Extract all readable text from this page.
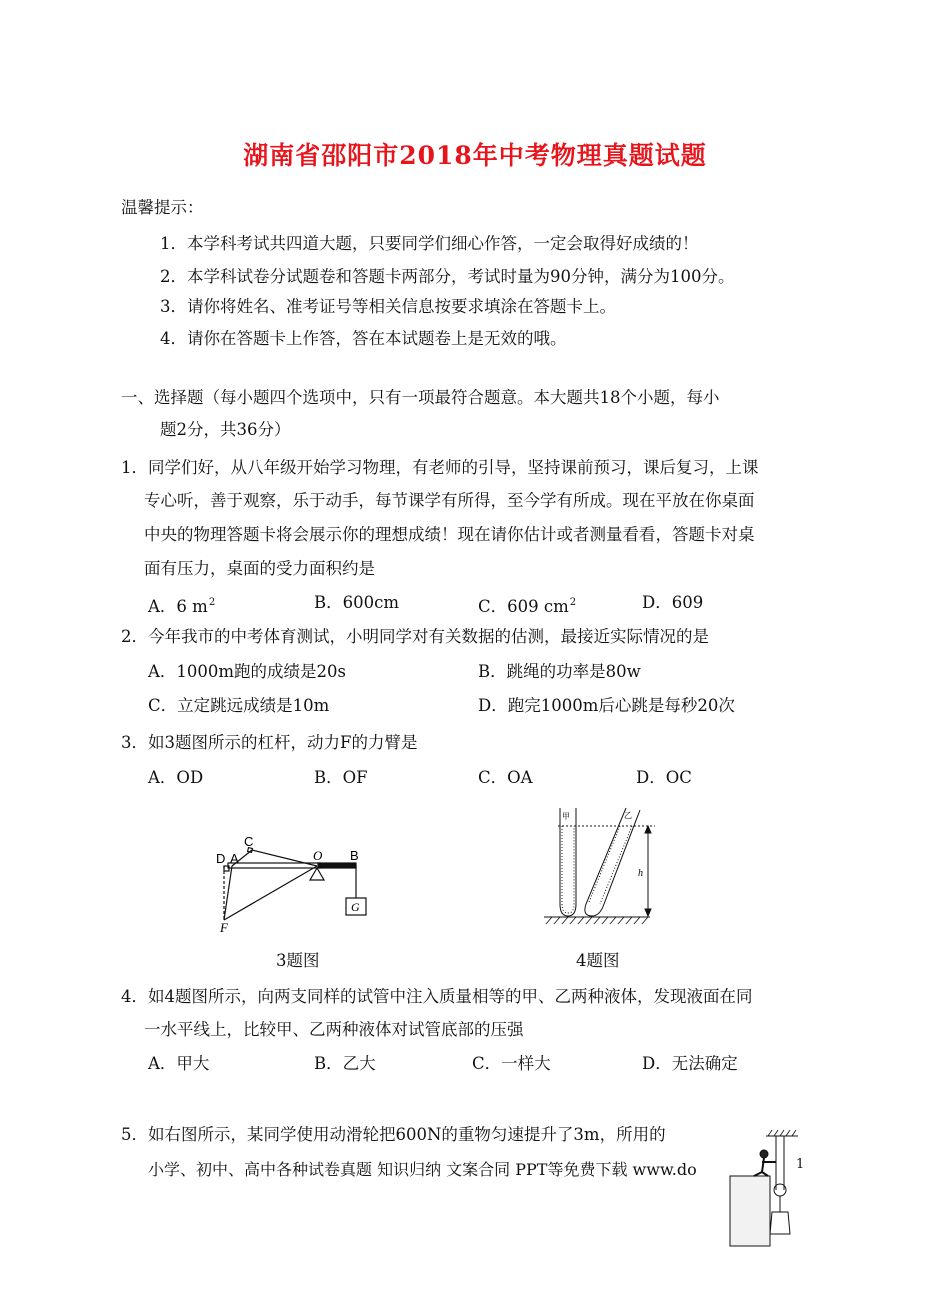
湖南省邵阳市2018年中考物理真题试题
温馨提示：
1．本学科考试共四道大题，只要同学们细心作答，一定会取得好成绩的！
2．本学科试卷分试题卷和答题卡两部分，考试时量为90分钟，满分为100分。
3．请你将姓名、准考证号等相关信息按要求填涂在答题卡上。
4．请你在答题卡上作答，答在本试题卷上是无效的哦。
一、选择题（每小题四个选项中，只有一项最符合题意。本大题共18个小题，每小
题2分，共36分）
1．同学们好，从八年级开始学习物理，有老师的引导，坚持课前预习，课后复习，上课
专心听，善于观察，乐于动手，每节课学有所得，至今学有所成。现在平放在你桌面
中央的物理答题卡将会展示你的理想成绩！现在请你估计或者测量看看，答题卡对桌
面有压力，桌面的受力面积约是
A．6 $m^2$	B．600cm	C．609 $cm^2$	D．609
2．今年我市的中考体育测试，小明同学对有关数据的估测，最接近实际情况的是
A．1000m跑的成绩是20s	B．跳绳的功率是80w
C．立定跳远成绩是10m	D．跑完1000m后心跳是每秒20次
3．如3题图所示的杠杆，动力F的力臂是
A．OD	B．OF	C．OA	D．OC
C
D A	O B
F
G
甲	乙
h
3题图	4题图
4．如4题图所示，向两支同样的试管中注入质量相等的甲、乙两种液体，发现液面在同
一水平线上，比较甲、乙两种液体对试管底部的压强
A．甲大	B．乙大	C．一样大	D．无法确定
5．如右图所示，某同学使用动滑轮把600N的重物匀速提升了3m，所用的
小学、初中、高中各种试卷真题 知识归纳 文案合同 PPT等免费下载 www.do	1
